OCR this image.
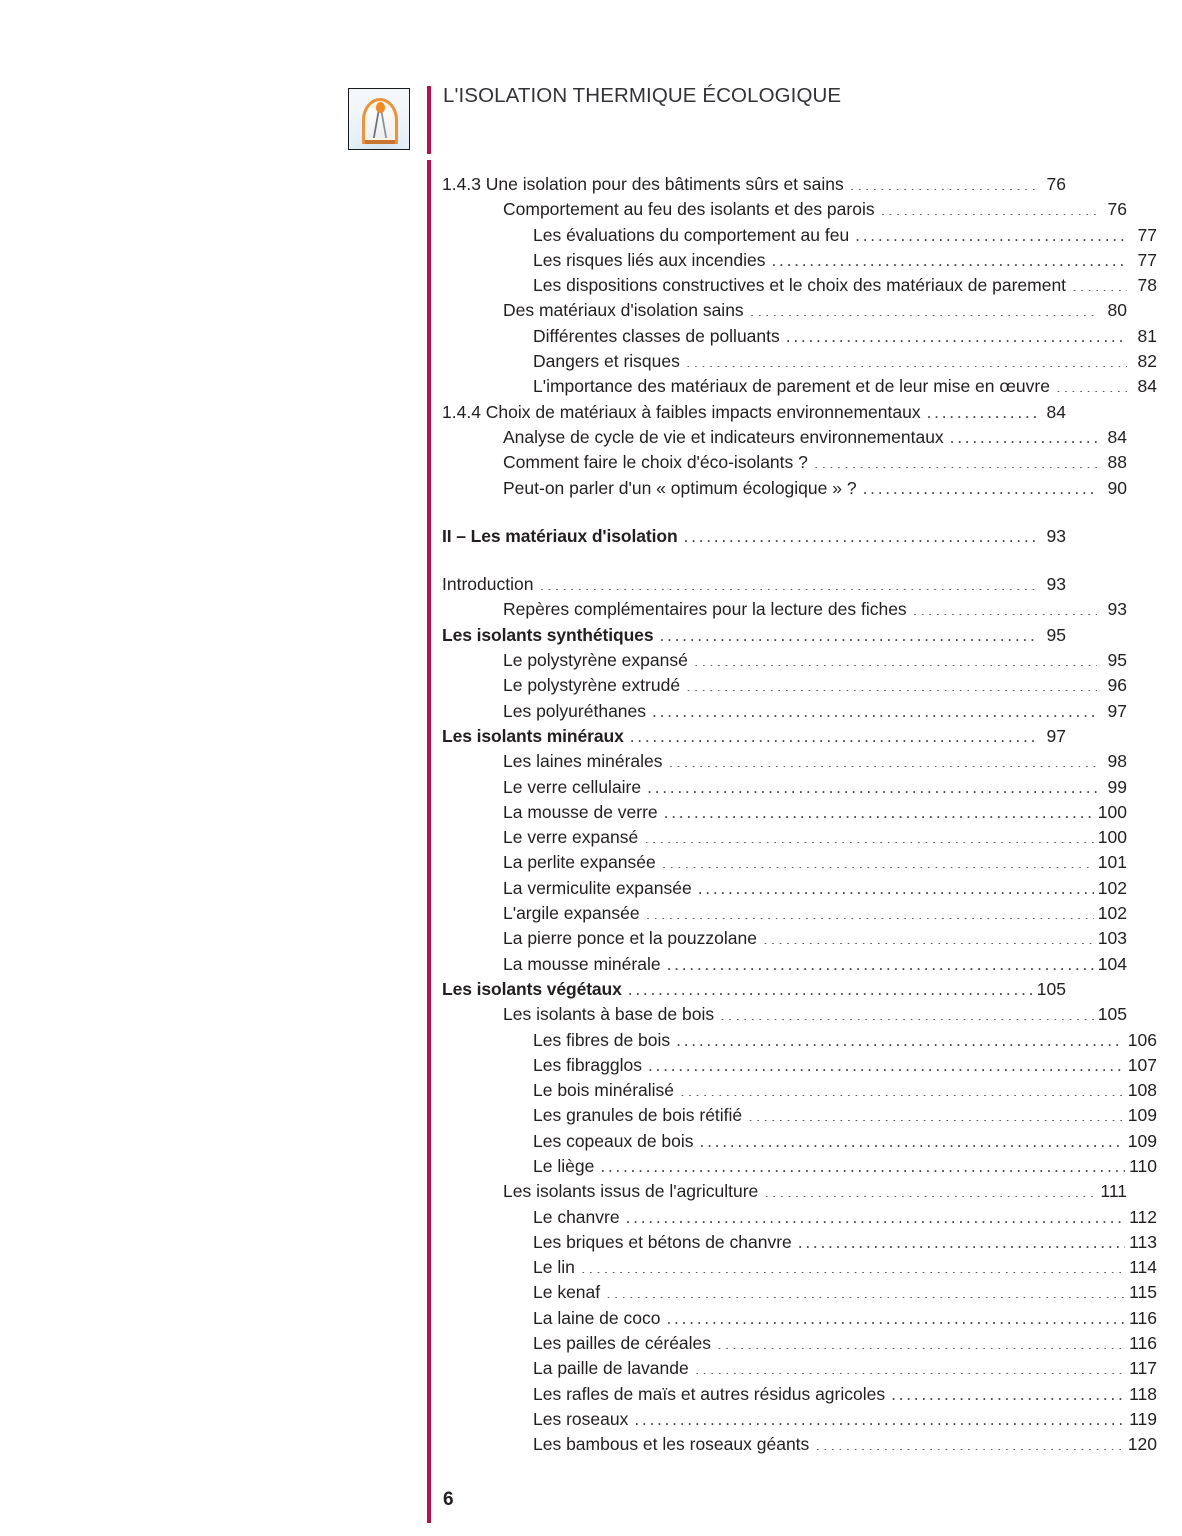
L'ISOLATION THERMIQUE ÉCOLOGIQUE
1.4.3 Une isolation pour des bâtiments sûrs et sains .....	76
Comportement au feu des isolants et des parois .....	76
Les évaluations du comportement au feu .....	77
Les risques liés aux incendies .....	77
Les dispositions constructives et le choix des matériaux de parement .....	78
Des matériaux d'isolation sains .....	80
Différentes classes de polluants .....	81
Dangers et risques .....	82
L'importance des matériaux de parement et de leur mise en œuvre .....	84
1.4.4 Choix de matériaux à faibles impacts environnementaux .....	84
Analyse de cycle de vie et indicateurs environnementaux .....	84
Comment faire le choix d'éco-isolants ? .....	88
Peut-on parler d'un « optimum écologique » ? .....	90
II – Les matériaux d'isolation .....	93
Introduction .....	93
Repères complémentaires pour la lecture des fiches .....	93
Les isolants synthétiques .....	95
Le polystyrène expansé .....	95
Le polystyrène extrudé .....	96
Les polyuréthanes .....	97
Les isolants minéraux .....	97
Les laines minérales .....	98
Le verre cellulaire .....	99
La mousse de verre .....	100
Le verre expansé .....	100
La perlite expansée .....	101
La vermiculite expansée .....	102
L'argile expansée .....	102
La pierre ponce et la pouzzolane .....	103
La mousse minérale .....	104
Les isolants végétaux .....	105
Les isolants à base de bois .....	105
Les fibres de bois .....	106
Les fibragglos .....	107
Le bois minéralisé .....	108
Les granules de bois rétifié .....	109
Les copeaux de bois .....	109
Le liège .....	110
Les isolants issus de l'agriculture .....	111
Le chanvre .....	112
Les briques et bétons de chanvre .....	113
Le lin .....	114
Le kenaf .....	115
La laine de coco .....	116
Les pailles de céréales .....	116
La paille de lavande .....	117
Les rafles de maïs et autres résidus agricoles .....	118
Les roseaux .....	119
Les bambous et les roseaux géants .....	120
6
